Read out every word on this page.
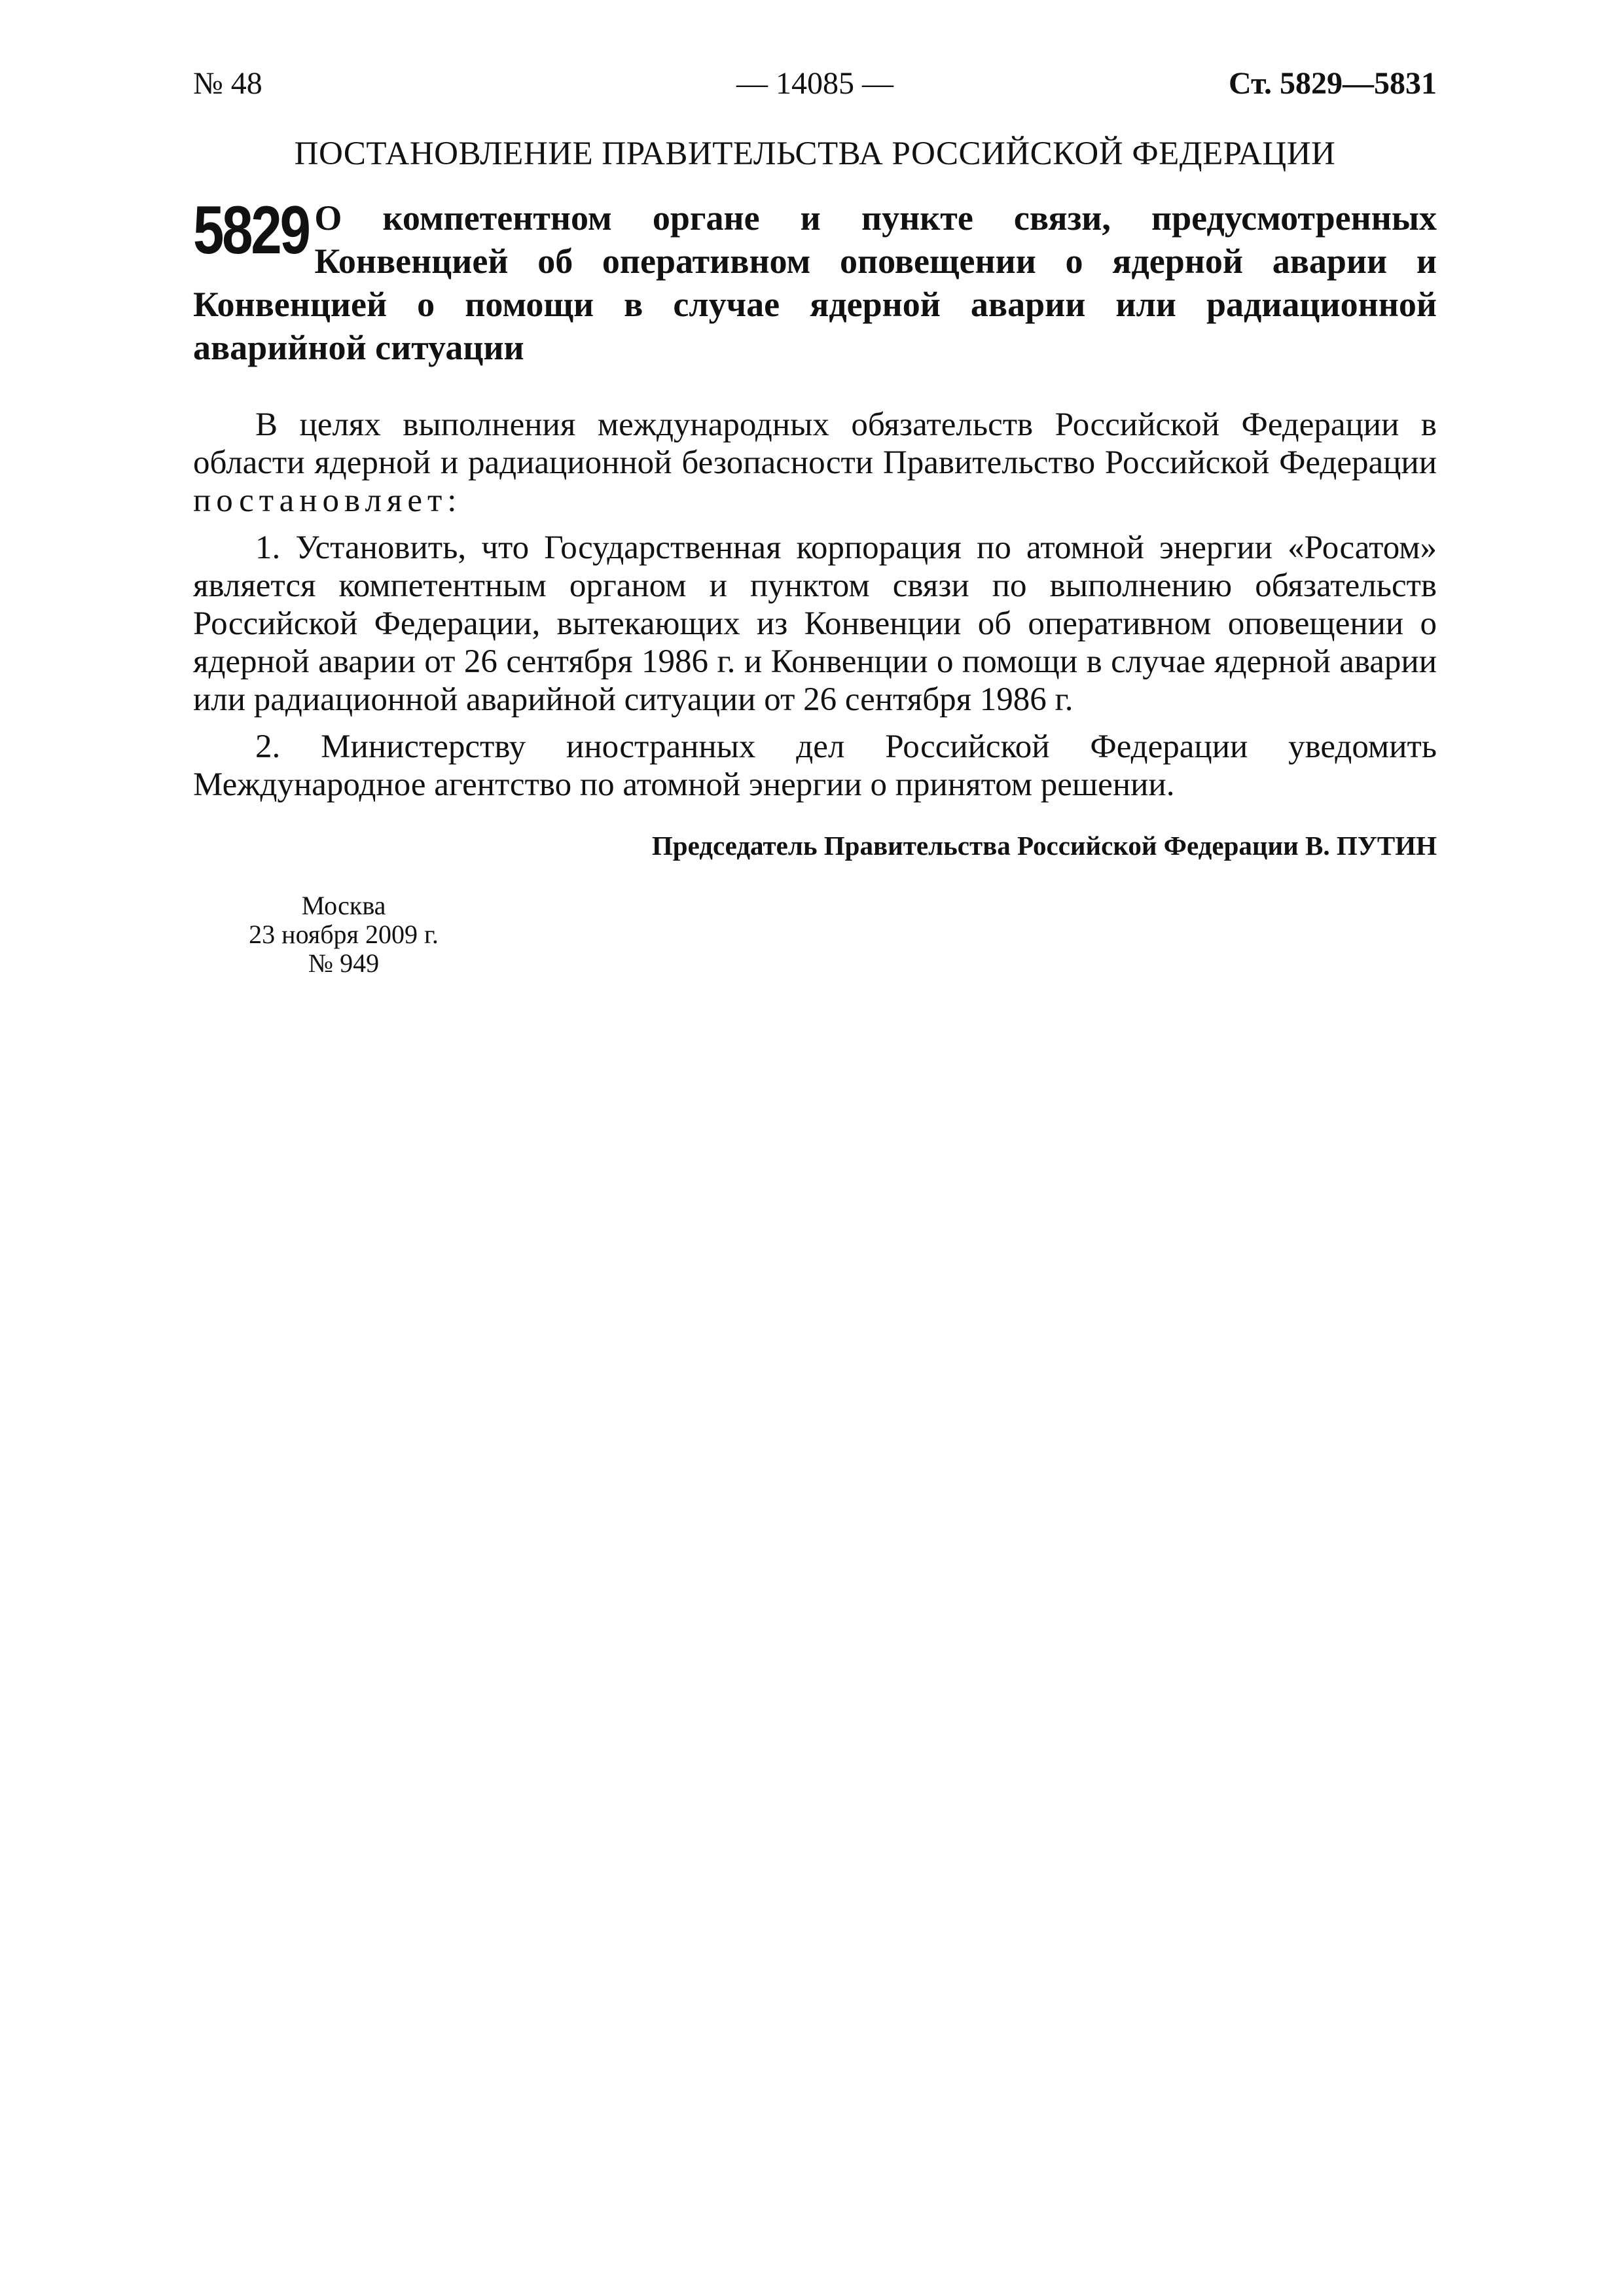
№ 48	— 14085 —	Ст. 5829—5831
ПОСТАНОВЛЕНИЕ ПРАВИТЕЛЬСТВА РОССИЙСКОЙ ФЕДЕРАЦИИ
5829 О компетентном органе и пункте связи, предусмотренных Конвенцией об оперативном оповещении о ядерной аварии и Конвенцией о помощи в случае ядерной аварии или радиационной аварийной ситуации

В целях выполнения международных обязательств Российской Федерации в области ядерной и радиационной безопасности Правительство Российской Федерации постановляет:

1. Установить, что Государственная корпорация по атомной энергии «Росатом» является компетентным органом и пунктом связи по выполнению обязательств Российской Федерации, вытекающих из Конвенции об оперативном оповещении о ядерной аварии от 26 сентября 1986 г. и Конвенции о помощи в случае ядерной аварии или радиационной аварийной ситуации от 26 сентября 1986 г.

2. Министерству иностранных дел Российской Федерации уведомить Международное агентство по атомной энергии о принятом решении.

Председатель Правительства Российской Федерации В. ПУТИН
Москва
23 ноября 2009 г.
№ 949
